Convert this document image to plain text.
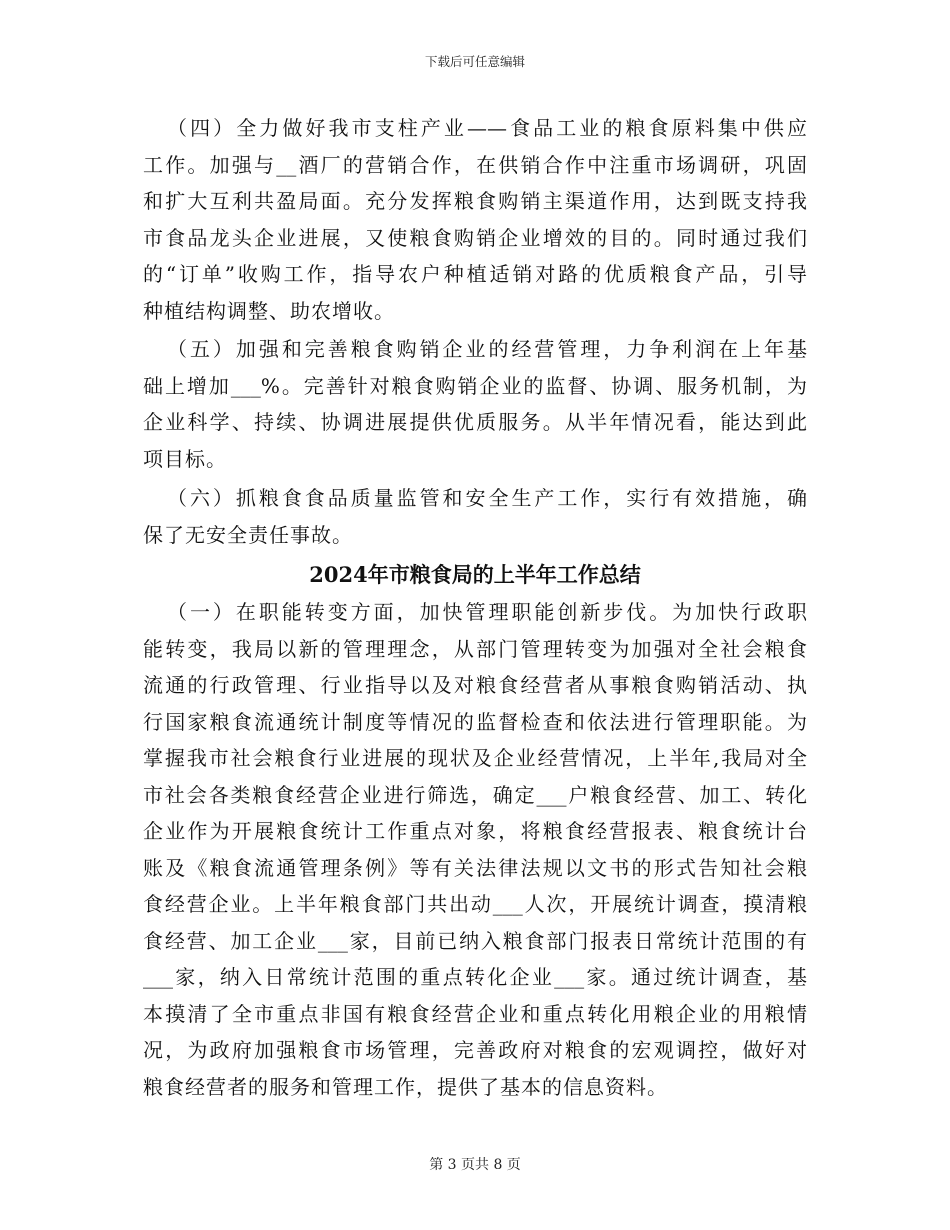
下载后可任意编辑
（四）全力做好我市支柱产业——食品工业的粮食原料集中供应
工作。加强与__酒厂的营销合作，在供销合作中注重市场调研，巩固
和扩大互利共盈局面。充分发挥粮食购销主渠道作用，达到既支持我
市食品龙头企业进展，又使粮食购销企业增效的目的。同时通过我们
的“订单”收购工作，指导农户种植适销对路的优质粮食产品，引导
种植结构调整、助农增收。
（五）加强和完善粮食购销企业的经营管理，力争利润在上年基
础上增加___%。完善针对粮食购销企业的监督、协调、服务机制，为
企业科学、持续、协调进展提供优质服务。从半年情况看，能达到此
项目标。
（六）抓粮食食品质量监管和安全生产工作，实行有效措施，确
保了无安全责任事故。
2024年市粮食局的上半年工作总结
（一）在职能转变方面，加快管理职能创新步伐。为加快行政职
能转变，我局以新的管理理念，从部门管理转变为加强对全社会粮食
流通的行政管理、行业指导以及对粮食经营者从事粮食购销活动、执
行国家粮食流通统计制度等情况的监督检查和依法进行管理职能。为
掌握我市社会粮食行业进展的现状及企业经营情况，上半年,我局对全
市社会各类粮食经营企业进行筛选，确定___户粮食经营、加工、转化
企业作为开展粮食统计工作重点对象，将粮食经营报表、粮食统计台
账及《粮食流通管理条例》等有关法律法规以文书的形式告知社会粮
食经营企业。上半年粮食部门共出动___人次，开展统计调查，摸清粮
食经营、加工企业___家，目前已纳入粮食部门报表日常统计范围的有
___家，纳入日常统计范围的重点转化企业___家。通过统计调查，基
本摸清了全市重点非国有粮食经营企业和重点转化用粮企业的用粮情
况，为政府加强粮食市场管理，完善政府对粮食的宏观调控，做好对
粮食经营者的服务和管理工作，提供了基本的信息资料。
第 3 页共 8 页
